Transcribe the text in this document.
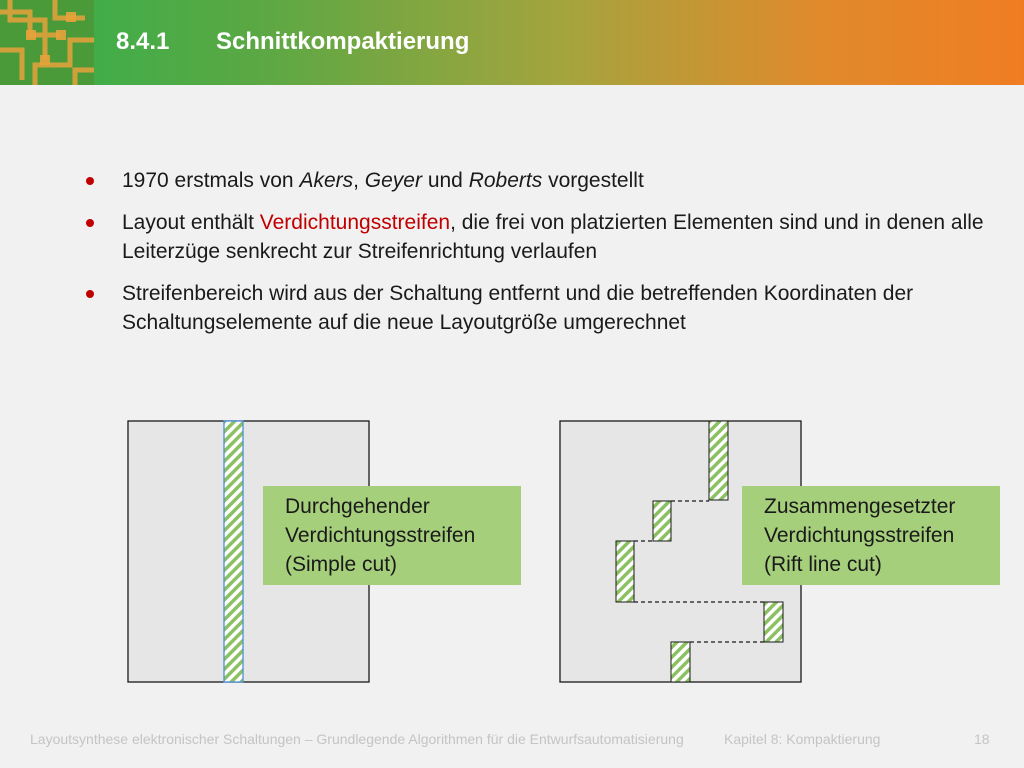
8.4.1 Schnittkompaktierung
1970 erstmals von Akers, Geyer und Roberts vorgestellt
Layout enthält Verdichtungsstreifen, die frei von platzierten Elementen sind und in denen alle Leiterzüge senkrecht zur Streifenrichtung verlaufen
Streifenbereich wird aus der Schaltung entfernt und die betreffenden Koordinaten der Schaltungselemente auf die neue Layoutgröße umgerechnet
Durchgehender
Verdichtungsstreifen
(Simple cut)
Zusammengesetzter
Verdichtungsstreifen
(Rift line cut)
Layoutsynthese elektronischer Schaltungen – Grundlegende Algorithmen für die Entwurfsautomatisierung	Kapitel 8: Kompaktierung	18
